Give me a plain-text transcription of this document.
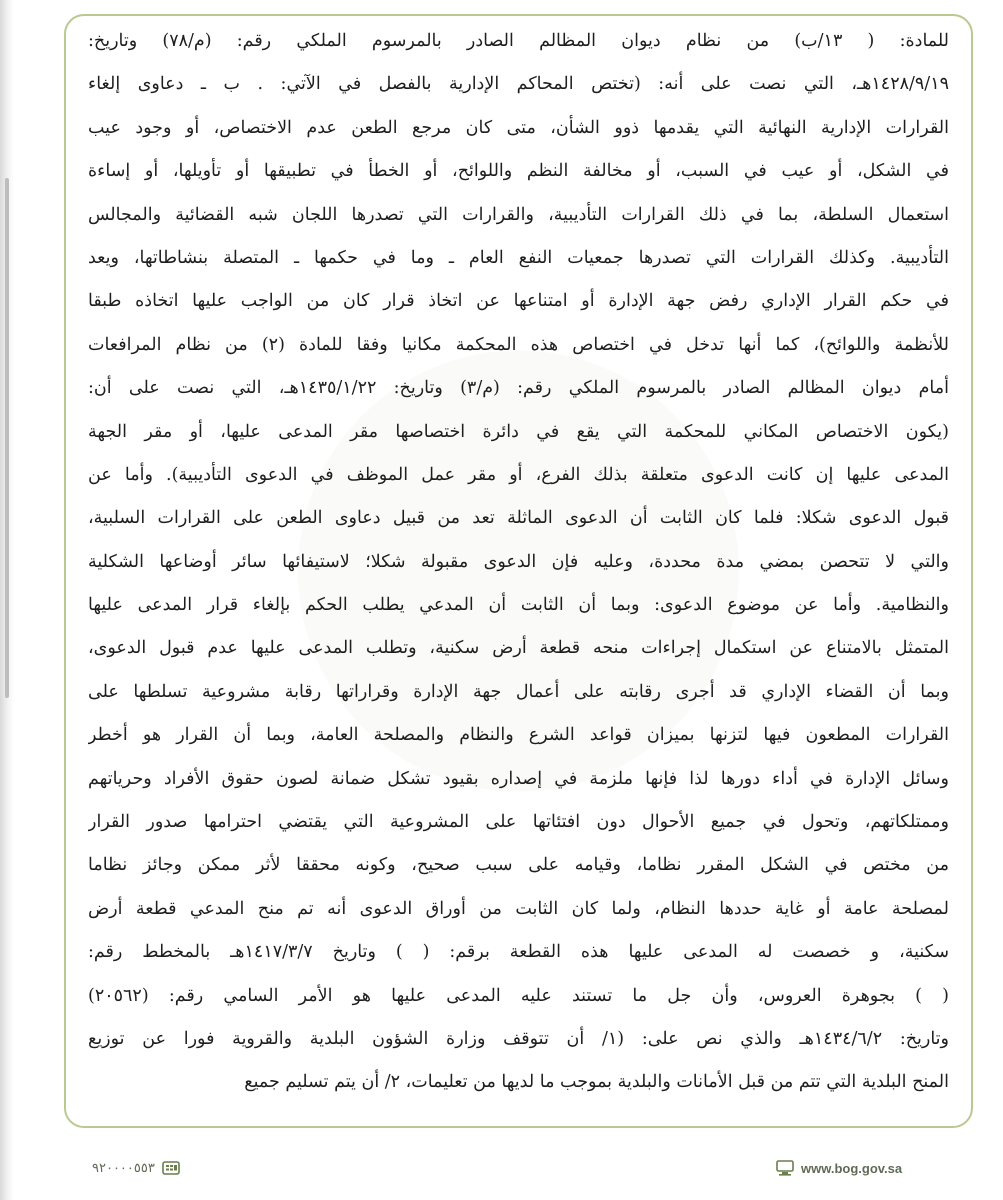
للمادة: ( ١٣/ب) من نظام ديوان المظالم الصادر بالمرسوم الملكي رقم: (م/٧٨) وتاريخ:
١٤٢٨/٩/١٩هـ، التي نصت على أنه: (تختص المحاكم الإدارية بالفصل في الآتي: . ب ـ دعاوى إلغاء
القرارات الإدارية النهائية التي يقدمها ذوو الشأن، متى كان مرجع الطعن عدم الاختصاص، أو وجود عيب
في الشكل، أو عيب في السبب، أو مخالفة النظم واللوائح، أو الخطأ في تطبيقها أو تأويلها، أو إساءة
استعمال السلطة، بما في ذلك القرارات التأديبية، والقرارات التي تصدرها اللجان شبه القضائية والمجالس
التأديبية. وكذلك القرارات التي تصدرها جمعيات النفع العام ـ وما في حكمها ـ المتصلة بنشاطاتها، ويعد
في حكم القرار الإداري رفض جهة الإدارة أو امتناعها عن اتخاذ قرار كان من الواجب عليها اتخاذه طبقا
للأنظمة واللوائح)، كما أنها تدخل في اختصاص هذه المحكمة مكانيا وفقا للمادة (٢) من نظام المرافعات
أمام ديوان المظالم الصادر بالمرسوم الملكي رقم: (م/٣) وتاريخ: ١٤٣٥/١/٢٢هـ، التي نصت على أن:
(يكون الاختصاص المكاني للمحكمة التي يقع في دائرة اختصاصها مقر المدعى عليها، أو مقر الجهة
المدعى عليها إن كانت الدعوى متعلقة بذلك الفرع، أو مقر عمل الموظف في الدعوى التأديبية). وأما عن
قبول الدعوى شكلا: فلما كان الثابت أن الدعوى الماثلة تعد من قبيل دعاوى الطعن على القرارات السلبية،
والتي لا تتحصن بمضي مدة محددة، وعليه فإن الدعوى مقبولة شكلا؛ لاستيفائها سائر أوضاعها الشكلية
والنظامية. وأما عن موضوع الدعوى: وبما أن الثابت أن المدعي يطلب الحكم بإلغاء قرار المدعى عليها
المتمثل بالامتناع عن استكمال إجراءات منحه قطعة أرض سكنية، وتطلب المدعى عليها عدم قبول الدعوى،
وبما أن القضاء الإداري قد أجرى رقابته على أعمال جهة الإدارة وقراراتها رقابة مشروعية تسلطها على
القرارات المطعون فيها لتزنها بميزان قواعد الشرع والنظام والمصلحة العامة، وبما أن القرار هو أخطر
وسائل الإدارة في أداء دورها لذا فإنها ملزمة في إصداره بقيود تشكل ضمانة لصون حقوق الأفراد وحرياتهم
وممتلكاتهم، وتحول في جميع الأحوال دون افتئاتها على المشروعية التي يقتضي احترامها صدور القرار
من مختص في الشكل المقرر نظاما، وقيامه على سبب صحيح، وكونه محققا لأثر ممكن وجائز نظاما
لمصلحة عامة أو غاية حددها النظام، ولما كان الثابت من أوراق الدعوى أنه تم منح المدعي قطعة أرض
سكنية، و خصصت له المدعى عليها هذه القطعة برقم: ( ) وتاريخ ١٤١٧/٣/٧هـ بالمخطط رقم:
( ) بجوهرة العروس، وأن جل ما تستند عليه المدعى عليها هو الأمر السامي رقم: (٢٠٥٦٢)
وتاريخ: ١٤٣٤/٦/٢هـ والذي نص على: (١/ أن تتوقف وزارة الشؤون البلدية والقروية فورا عن توزيع
المنح البلدية التي تتم من قبل الأمانات والبلدية بموجب ما لديها من تعليمات، ٢/ أن يتم تسليم جميع
www.bog.gov.sa
٩٢٠٠٠٠٥٥٣
